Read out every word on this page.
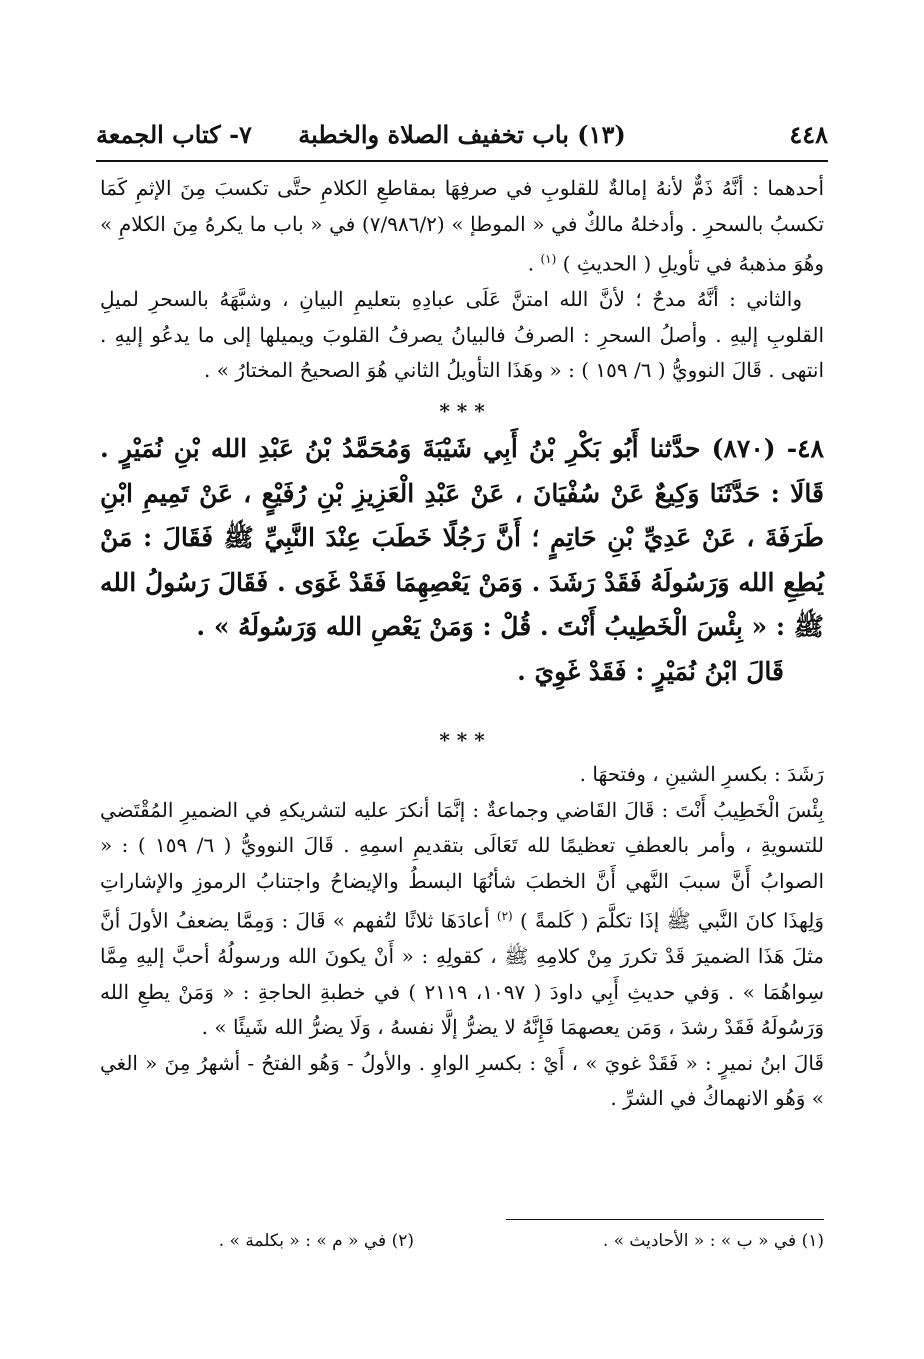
٤٤٨
(١٣) باب تخفيف الصلاة والخطبة
٧- كتاب الجمعة

أحدهما : أنَّهُ ذَمٌّ لأنهُ إمالةٌ للقلوبِ في صرفِهَا بمقاطعِ الكلامِ حتَّى تكسبَ مِنَ الإثمِ كَمَا تكسبُ بالسحرِ . وأدخلهُ مالكٌ في « الموطإ » (٧/٩٨٦/٢) في « باب ما يكرهُ مِنَ الكلامِ » وهُوَ مذهبهُ في تأويلِ ( الحديثِ ) $^{(١)}$ .

والثاني : أنَّهُ مدحٌ ؛ لأنَّ الله امتنَّ عَلَى عبادِهِ بتعليمِ البيانِ ، وشبَّهَهُ بالسحرِ لميلِ القلوبِ إليهِ . وأصلُ السحرِ : الصرفُ فالبيانُ يصرفُ القلوبَ ويميلها إلى ما يدعُو إليهِ . انتهى . قَالَ النوويُّ ( ٦/ ١٥٩ ) : « وهَذَا التأويلُ الثاني هُوَ الصحيحُ المختارُ » .

* * *

٤٨- (٨٧٠) حدَّثنا أَبُو بَكْرِ بْنُ أَبِي شَيْبَةَ وَمُحَمَّدُ بْنُ عَبْدِ الله بْنِ نُمَيْرٍ . قَالَا : حَدَّثَنَا وَكِيعٌ عَنْ سُفْيَانَ ، عَنْ عَبْدِ الْعَزِيزِ بْنِ رُفَيْعٍ ، عَنْ تَمِيمِ ابْنِ طَرَفَةَ ، عَنْ عَدِيِّ بْنِ حَاتِمٍ ؛ أَنَّ رَجُلًا خَطَبَ عِنْدَ النَّبِيِّ ﷺ فَقَالَ : مَنْ يُطِعِ الله وَرَسُولَهُ فَقَدْ رَشَدَ . وَمَنْ يَعْصِهِمَا فَقَدْ غَوَى . فَقَالَ رَسُولُ الله ﷺ : « بِئْسَ الْخَطِيبُ أَنْتَ . قُلْ : وَمَنْ يَعْصِ الله وَرَسُولَهُ » .

قَالَ ابْنُ نُمَيْرٍ : فَقَدْ غَوِيَ .

* * *

رَشَدَ : بكسرِ الشينِ ، وفتحهَا .

بِئْسَ الْخَطِيبُ أَنْتَ : قَالَ القَاضي وجماعةٌ : إنَّمَا أنكرَ عليه لتشريكهِ في الضميرِ المُقْتَضي للتسويةِ ، وأمر بالعطفِ تعظيمًا لله تَعَالَى بتقديمِ اسمِهِ . قَالَ النوويُّ ( ٦/ ١٥٩ ) : « الصوابُ أَنَّ سببَ النَّهي أَنَّ الخطبَ شأنُهَا البسطُ والإيضاحُ واجتنابُ الرموزِ والإشاراتِ وَلِهذَا كانَ النَّبي ﷺ إذَا تكلَّمَ ( كَلمةً ) $^{(٢)}$ أعادَهَا ثلاثًا لتُفهم » قَالَ : وَمِمَّا يضعفُ الأولَ أنَّ مثلَ هَذَا الضميرَ قَدْ تكررَ مِنْ كلامِهِ ﷺ ، كقولِهِ : « أَنْ يكونَ الله ورسولُهُ أحبَّ إليهِ مِمَّا سِواهُمَا » . وَفي حديثِ أَبِي داودَ ( ١٠٩٧، ٢١١٩ ) في خطبةِ الحاجةِ : « وَمَنْ يطعِ الله وَرَسُولَهُ فَقَدْ رشدَ ، وَمَن يعصهمَا فَإِنَّهُ لا يضرُّ إلَّا نفسهُ ، وَلَا يضرُّ الله شَيئًا » .

قَالَ ابنُ نميرٍ : « فَقَدْ غويَ » ، أَيْ : بكسرِ الواوِ . والأولُ - وَهُو الفتحُ - أشهرُ مِنَ « الغي » وَهُو الانهماكُ في الشرِّ .

(١) في « ب » : « الأحاديث » .
(٢) في « م » : « بكلمة » .
